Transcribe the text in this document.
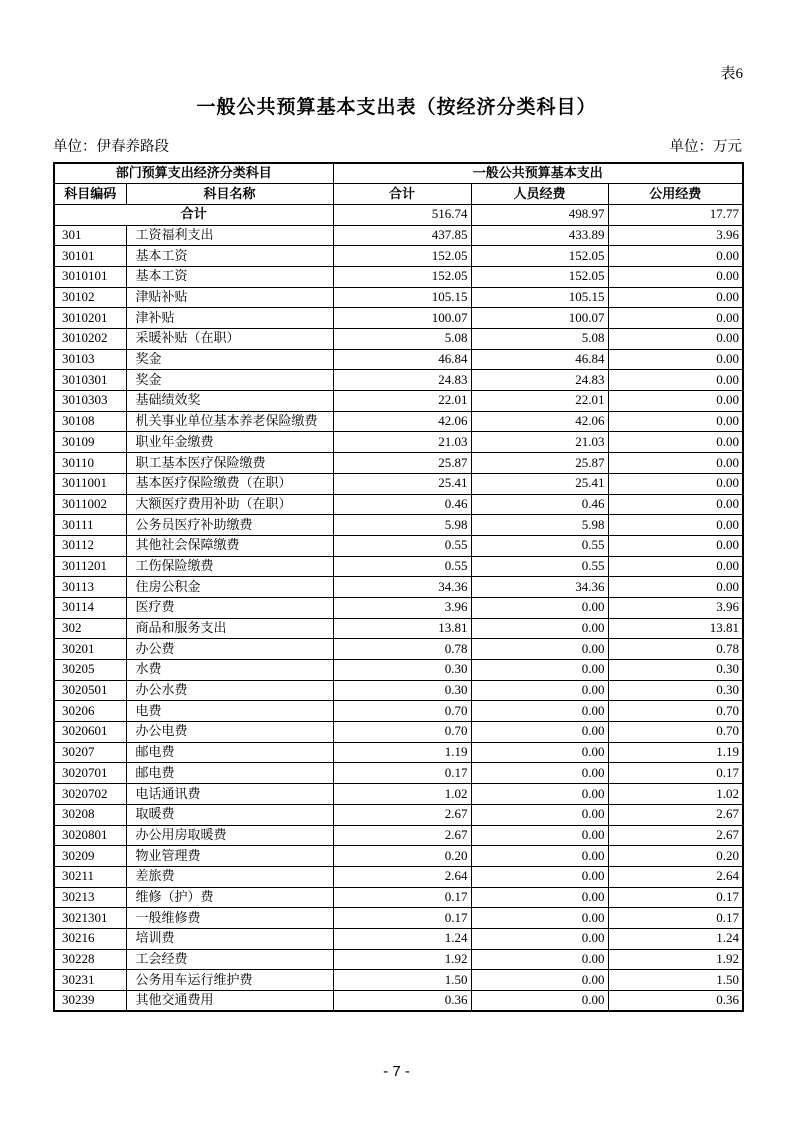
表6
一般公共预算基本支出表（按经济分类科目）
单位：伊春养路段	单位：万元
部门预算支出经济分类科目		一般公共预算基本支出		
科目编码	科目名称	合计	人员经费	公用经费
合计		516.74	498.97	17.77
301	工资福利支出	437.85	433.89	3.96
30101	基本工资	152.05	152.05	0.00
3010101	基本工资	152.05	152.05	0.00
30102	津贴补贴	105.15	105.15	0.00
3010201	津补贴	100.07	100.07	0.00
3010202	采暖补贴（在职）	5.08	5.08	0.00
30103	奖金	46.84	46.84	0.00
3010301	奖金	24.83	24.83	0.00
3010303	基础绩效奖	22.01	22.01	0.00
30108	机关事业单位基本养老保险缴费	42.06	42.06	0.00
30109	职业年金缴费	21.03	21.03	0.00
30110	职工基本医疗保险缴费	25.87	25.87	0.00
3011001	基本医疗保险缴费（在职）	25.41	25.41	0.00
3011002	大额医疗费用补助（在职）	0.46	0.46	0.00
30111	公务员医疗补助缴费	5.98	5.98	0.00
30112	其他社会保障缴费	0.55	0.55	0.00
3011201	工伤保险缴费	0.55	0.55	0.00
30113	住房公积金	34.36	34.36	0.00
30114	医疗费	3.96	0.00	3.96
302	商品和服务支出	13.81	0.00	13.81
30201	办公费	0.78	0.00	0.78
30205	水费	0.30	0.00	0.30
3020501	办公水费	0.30	0.00	0.30
30206	电费	0.70	0.00	0.70
3020601	办公电费	0.70	0.00	0.70
30207	邮电费	1.19	0.00	1.19
3020701	邮电费	0.17	0.00	0.17
3020702	电话通讯费	1.02	0.00	1.02
30208	取暖费	2.67	0.00	2.67
3020801	办公用房取暖费	2.67	0.00	2.67
30209	物业管理费	0.20	0.00	0.20
30211	差旅费	2.64	0.00	2.64
30213	维修（护）费	0.17	0.00	0.17
3021301	一般维修费	0.17	0.00	0.17
30216	培训费	1.24	0.00	1.24
30228	工会经费	1.92	0.00	1.92
30231	公务用车运行维护费	1.50	0.00	1.50
30239	其他交通费用	0.36	0.00	0.36
- 7 -
